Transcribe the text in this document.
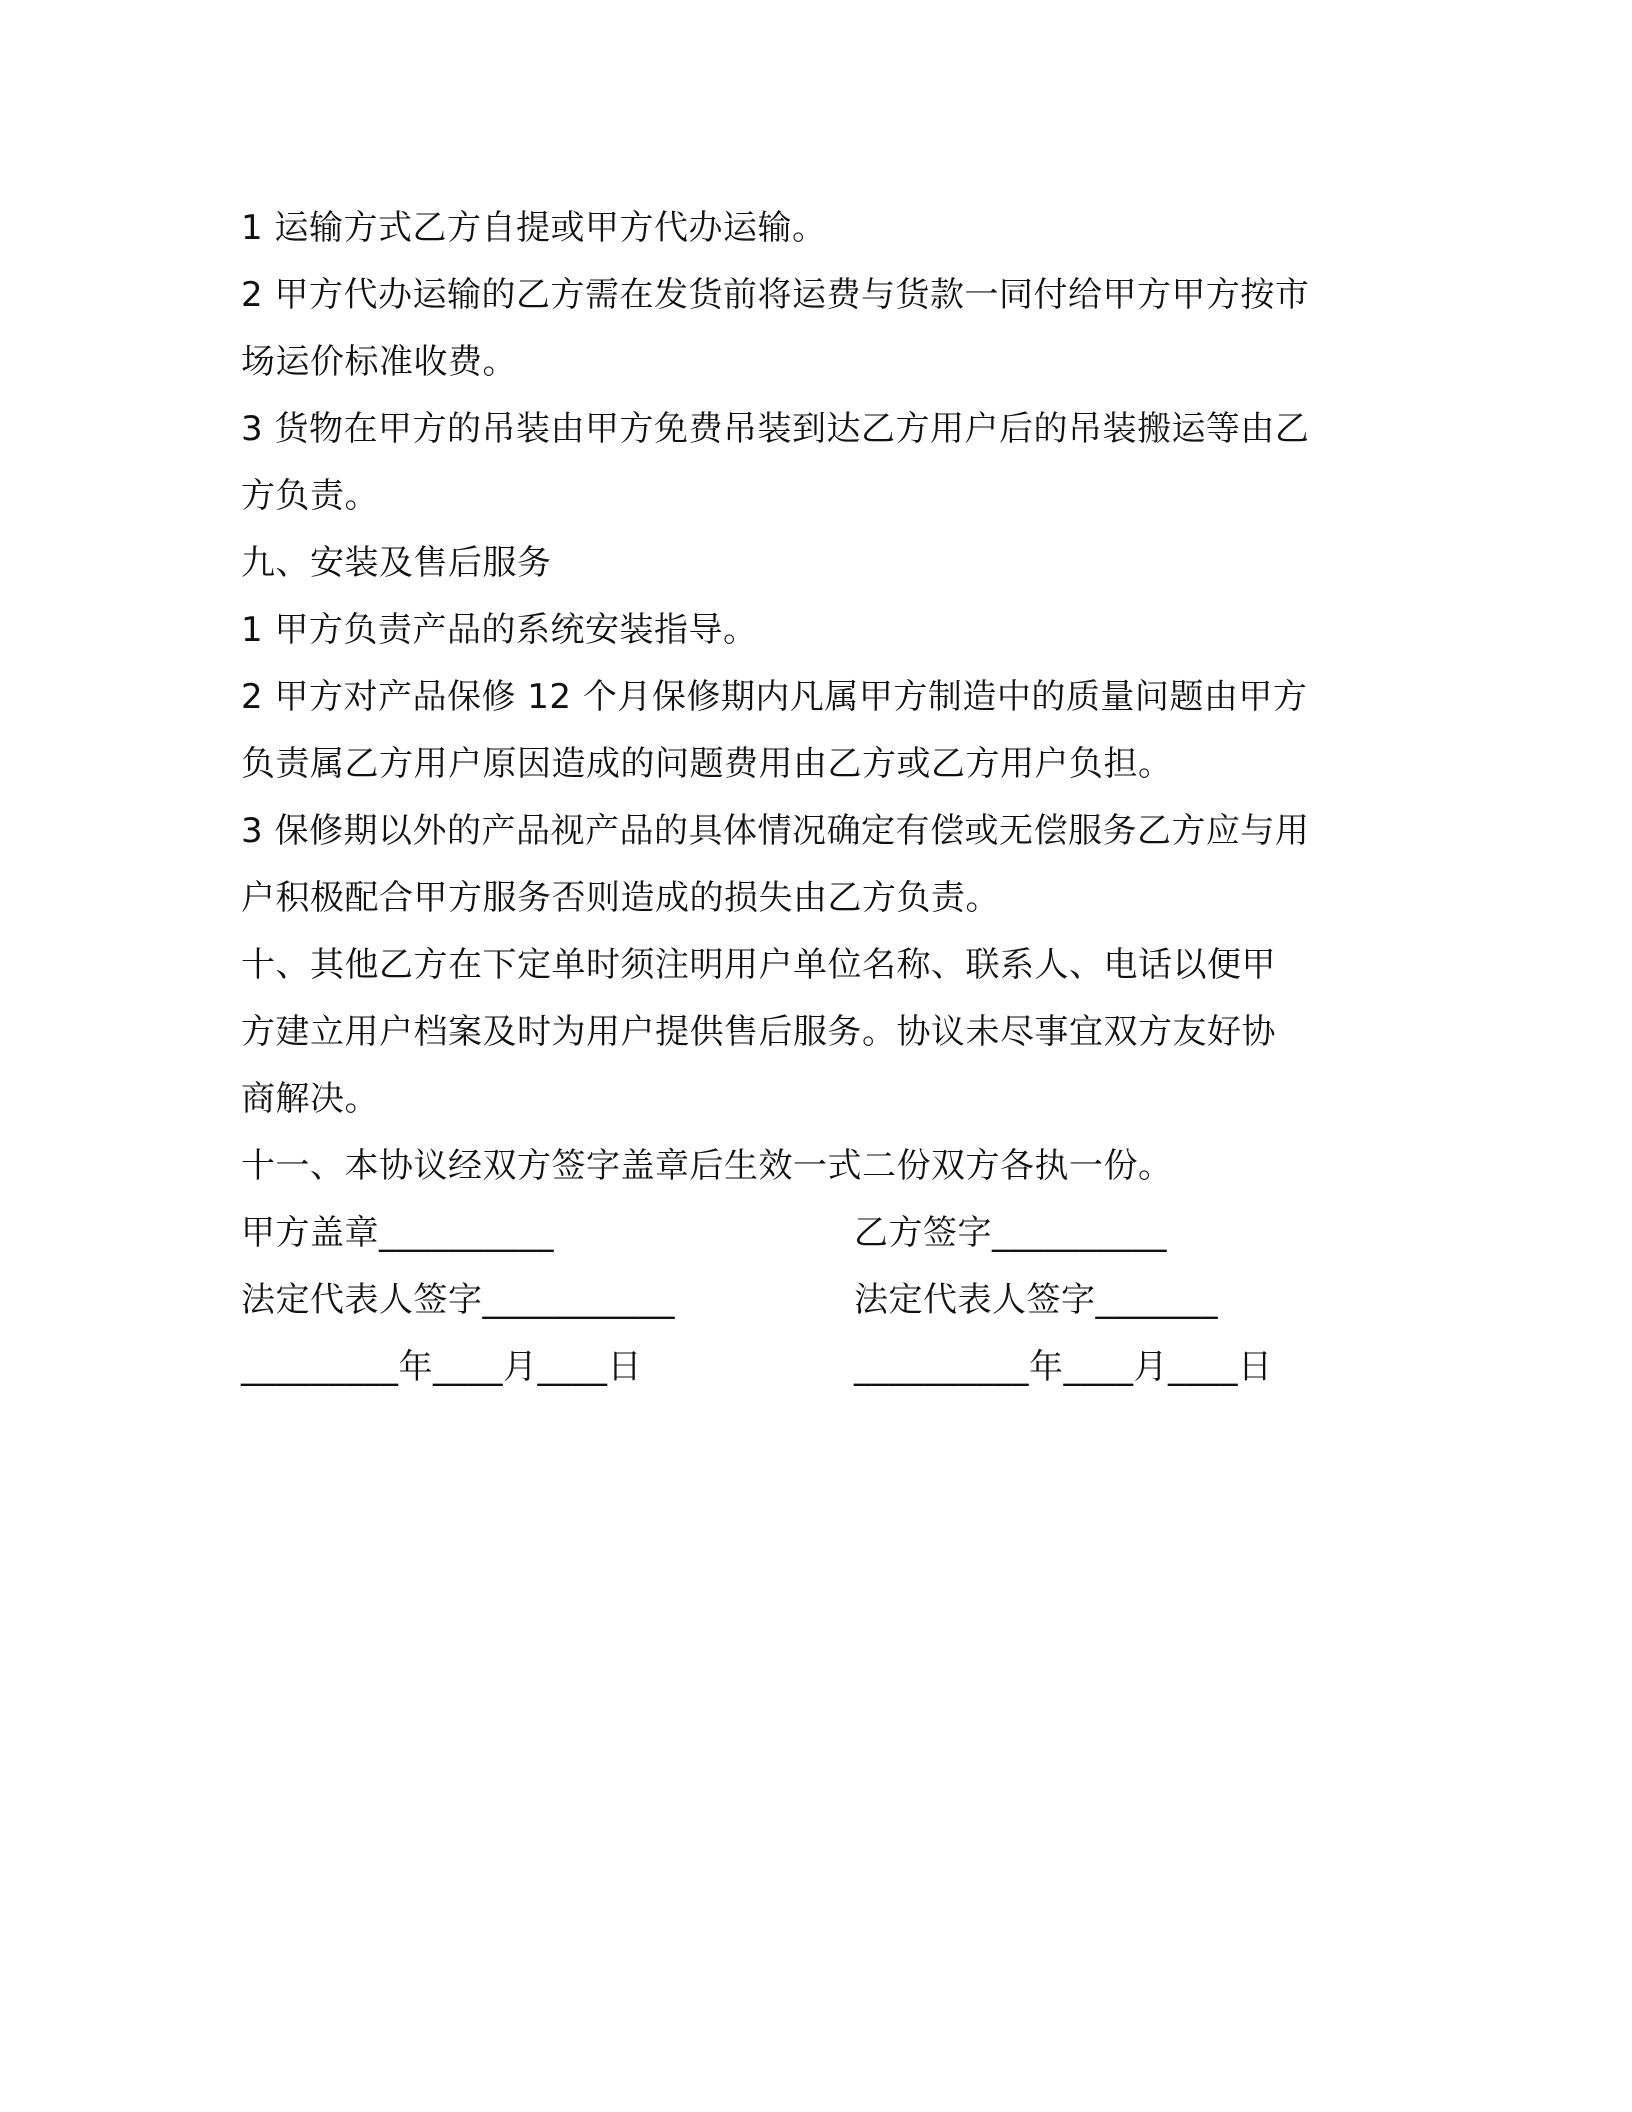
1 运输方式乙方自提或甲方代办运输。
2 甲方代办运输的乙方需在发货前将运费与货款一同付给甲方甲方按市
场运价标准收费。
3 货物在甲方的吊装由甲方免费吊装到达乙方用户后的吊装搬运等由乙
方负责。
九、安装及售后服务
1 甲方负责产品的系统安装指导。
2 甲方对产品保修 12 个月保修期内凡属甲方制造中的质量问题由甲方
负责属乙方用户原因造成的问题费用由乙方或乙方用户负担。
3 保修期以外的产品视产品的具体情况确定有偿或无偿服务乙方应与用
户积极配合甲方服务否则造成的损失由乙方负责。
十、其他乙方在下定单时须注明用户单位名称、联系人、电话以便甲
方建立用户档案及时为用户提供售后服务。协议未尽事宜双方友好协
商解决。
十一、本协议经双方签字盖章后生效一式二份双方各执一份。
甲方盖章__________	乙方签字__________
法定代表人签字___________	法定代表人签字_______
_________年____月____日	__________年____月____日
